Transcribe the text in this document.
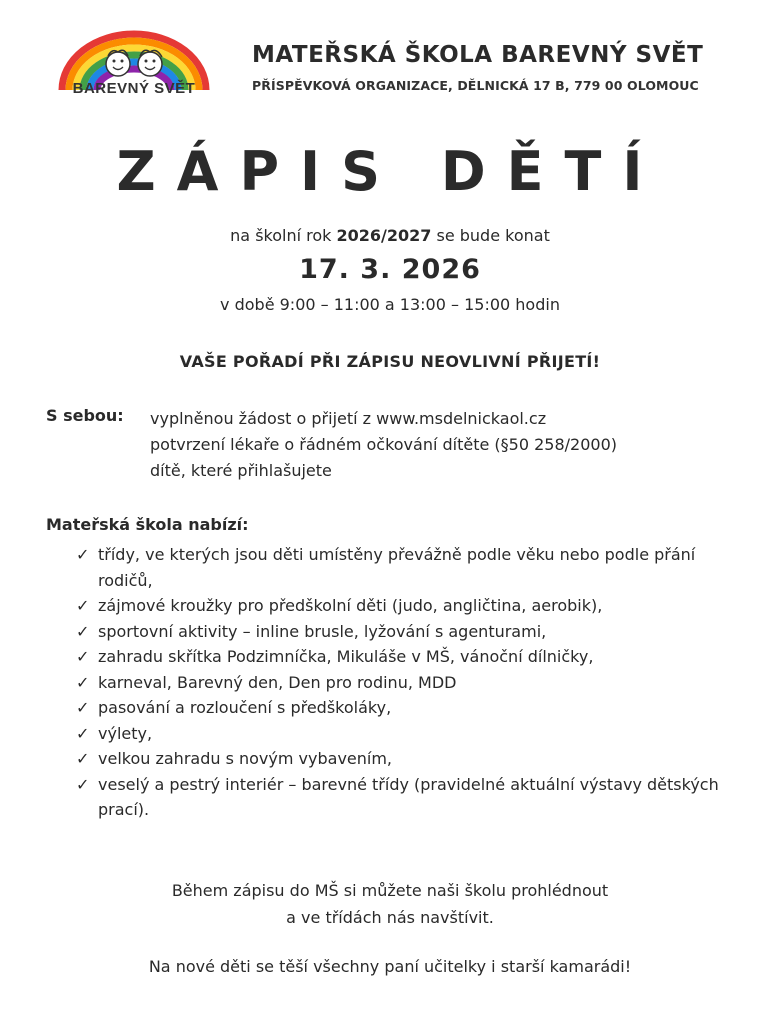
BAREVNÝ SVĚT
MATEŘSKÁ ŠKOLA BAREVNÝ SVĚT
PŘÍSPĚVKOVÁ ORGANIZACE, DĚLNICKÁ 17 B, 779 00 OLOMOUC
ZÁPIS DĚTÍ
na školní rok 2026/2027 se bude konat
17. 3. 2026
v době 9:00 – 11:00 a 13:00 – 15:00 hodin
VAŠE POŘADÍ PŘI ZÁPISU NEOVLIVNÍ PŘIJETÍ!
S sebou: vyplněnou žádost o přijetí z www.msdelnickaol.cz
potvrzení lékaře o řádném očkování dítěte (§50 258/2000)
dítě, které přihlašujete
Mateřská škola nabízí:
✓ třídy, ve kterých jsou děti umístěny převážně podle věku nebo podle přání rodičů,
✓ zájmové kroužky pro předškolní děti (judo, angličtina, aerobik),
✓ sportovní aktivity – inline brusle, lyžování s agenturami,
✓ zahradu skřítka Podzimníčka, Mikuláše v MŠ, vánoční dílničky,
✓ karneval, Barevný den, Den pro rodinu, MDD
✓ pasování a rozloučení s předškoláky,
✓ výlety,
✓ velkou zahradu s novým vybavením,
✓ veselý a pestrý interiér – barevné třídy (pravidelné aktuální výstavy dětských prací).
Během zápisu do MŠ si můžete naši školu prohlédnout
a ve třídách nás navštívit.
Na nové děti se těší všechny paní učitelky i starší kamarádi!
